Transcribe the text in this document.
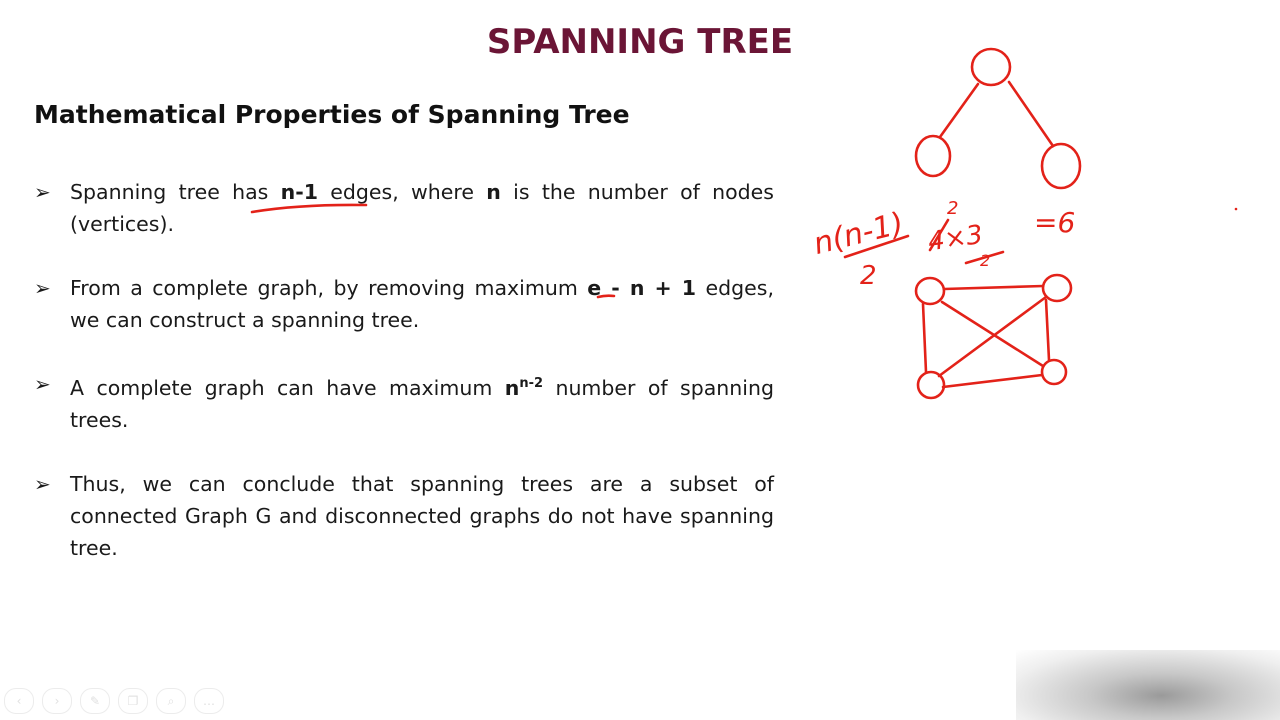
SPANNING TREE
Mathematical Properties of Spanning Tree
➢ Spanning tree has n-1 edges, where n is the number of nodes (vertices).
➢ From a complete graph, by removing maximum e - n + 1 edges, we can construct a spanning tree.
➢ A complete graph can have maximum $n^{n-2}$ number of spanning trees.
➢ Thus, we can conclude that spanning trees are a subset of connected Graph G and disconnected graphs do not have spanning tree.
n(n-1)
2
4×3
2
2
=6
‹	›	✎	❐	⌕	…
